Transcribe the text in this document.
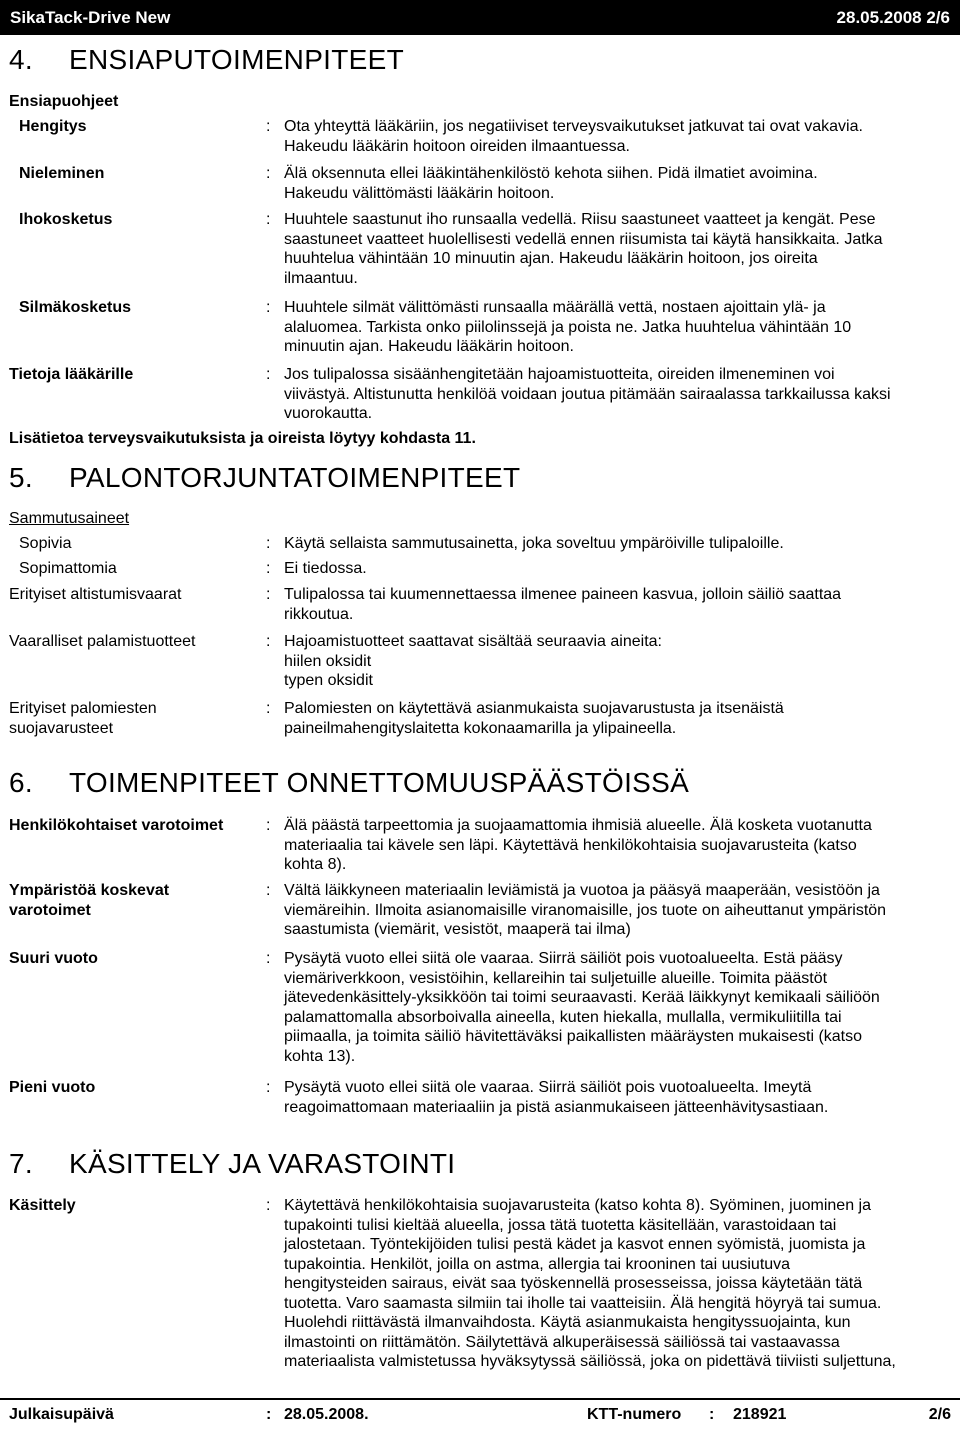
SikaTack-Drive New	28.05.2008 2/6
4. ENSIAPUTOIMENPITEET
Ensiapuohjeet
Hengitys	: Ota yhteyttä lääkäriin, jos negatiiviset terveysvaikutukset jatkuvat tai ovat vakavia.
Hakeudu lääkärin hoitoon oireiden ilmaantuessa.
Nieleminen	: Älä oksennuta ellei lääkintähenkilöstö kehota siihen. Pidä ilmatiet avoimina.
Hakeudu välittömästi lääkärin hoitoon.
Ihokosketus	: Huuhtele saastunut iho runsaalla vedellä. Riisu saastuneet vaatteet ja kengät. Pese
saastuneet vaatteet huolellisesti vedellä ennen riisumista tai käytä hansikkaita. Jatka
huuhtelua vähintään 10 minuutin ajan. Hakeudu lääkärin hoitoon, jos oireita
ilmaantuu.
Silmäkosketus	: Huuhtele silmät välittömästi runsaalla määrällä vettä, nostaen ajoittain ylä- ja
alaluomea. Tarkista onko piilolinssejä ja poista ne. Jatka huuhtelua vähintään 10
minuutin ajan. Hakeudu lääkärin hoitoon.
Tietoja lääkärille	: Jos tulipalossa sisäänhengitetään hajoamistuotteita, oireiden ilmeneminen voi
viivästyä. Altistunutta henkilöä voidaan joutua pitämään sairaalassa tarkkailussa kaksi
vuorokautta.
Lisätietoa terveysvaikutuksista ja oireista löytyy kohdasta 11.
5. PALONTORJUNTATOIMENPITEET
Sammutusaineet
Sopivia	: Käytä sellaista sammutusainetta, joka soveltuu ympäröiville tulipaloille.
Sopimattomia	: Ei tiedossa.
Erityiset altistumisvaarat	: Tulipalossa tai kuumennettaessa ilmenee paineen kasvua, jolloin säiliö saattaa
rikkoutua.
Vaaralliset palamistuotteet	: Hajoamistuotteet saattavat sisältää seuraavia aineita:
hiilen oksidit
typen oksidit
Erityiset palomiesten
suojavarusteet
: Palomiesten on käytettävä asianmukaista suojavarustusta ja itsenäistä
paineilmahengityslaitetta kokonaamarilla ja ylipaineella.
6. TOIMENPITEET ONNETTOMUUSPÄÄSTÖISSÄ
Henkilökohtaiset varotoimet	: Älä päästä tarpeettomia ja suojaamattomia ihmisiä alueelle. Älä kosketa vuotanutta
materiaalia tai kävele sen läpi. Käytettävä henkilökohtaisia suojavarusteita (katso
kohta 8).
Ympäristöä koskevat
varotoimet
: Vältä läikkyneen materiaalin leviämistä ja vuotoa ja pääsyä maaperään, vesistöön ja
viemäreihin. Ilmoita asianomaisille viranomaisille, jos tuote on aiheuttanut ympäristön
saastumista (viemärit, vesistöt, maaperä tai ilma)
Suuri vuoto	: Pysäytä vuoto ellei siitä ole vaaraa. Siirrä säiliöt pois vuotoalueelta. Estä pääsy
viemäriverkkoon, vesistöihin, kellareihin tai suljetuille alueille. Toimita päästöt
jätevedenkäsittely-yksikköön tai toimi seuraavasti. Kerää läikkynyt kemikaali säiliöön
palamattomalla absorboivalla aineella, kuten hiekalla, mullalla, vermikuliitilla tai
piimaalla, ja toimita säiliö hävitettäväksi paikallisten määräysten mukaisesti (katso
kohta 13).
Pieni vuoto	: Pysäytä vuoto ellei siitä ole vaaraa. Siirrä säiliöt pois vuotoalueelta. Imeytä
reagoimattomaan materiaaliin ja pistä asianmukaiseen jätteenhävitysastiaan.
7. KÄSITTELY JA VARASTOINTI
Käsittely	: Käytettävä henkilökohtaisia suojavarusteita (katso kohta 8). Syöminen, juominen ja
tupakointi tulisi kieltää alueella, jossa tätä tuotetta käsitellään, varastoidaan tai
jalostetaan. Työntekijöiden tulisi pestä kädet ja kasvot ennen syömistä, juomista ja
tupakointia. Henkilöt, joilla on astma, allergia tai krooninen tai uusiutuva
hengitysteiden sairaus, eivät saa työskennellä prosesseissa, joissa käytetään tätä
tuotetta. Varo saamasta silmiin tai iholle tai vaatteisiin. Älä hengitä höyryä tai sumua.
Huolehdi riittävästä ilmanvaihdosta. Käytä asianmukaista hengityssuojainta, kun
ilmastointi on riittämätön. Säilytettävä alkuperäisessä säiliössä tai vastaavassa
materiaalista valmistetussa hyväksytyssä säiliössä, joka on pidettävä tiiviisti suljettuna,
Julkaisupäivä	: 28.05.2008.	KTT-numero : 218921	2/6
